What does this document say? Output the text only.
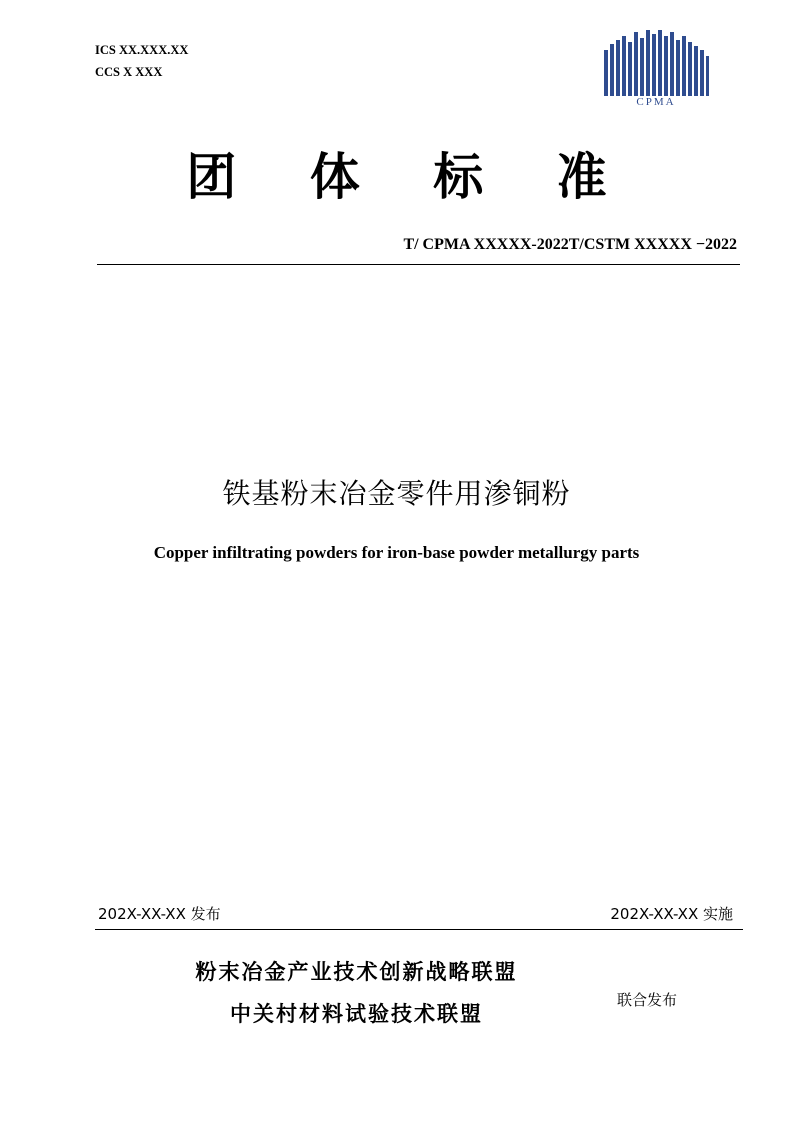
ICS XX.XXX.XX
CCS X XXX
CPMA
团 体 标 准
T/ CPMA XXXXX-2022T/CSTM XXXXX −2022
铁基粉末冶金零件用渗铜粉
Copper infiltrating powders for iron-base powder metallurgy parts
202X-XX-XX 发布	202X-XX-XX 实施
粉末冶金产业技术创新战略联盟
中关村材料试验技术联盟
联合发布
